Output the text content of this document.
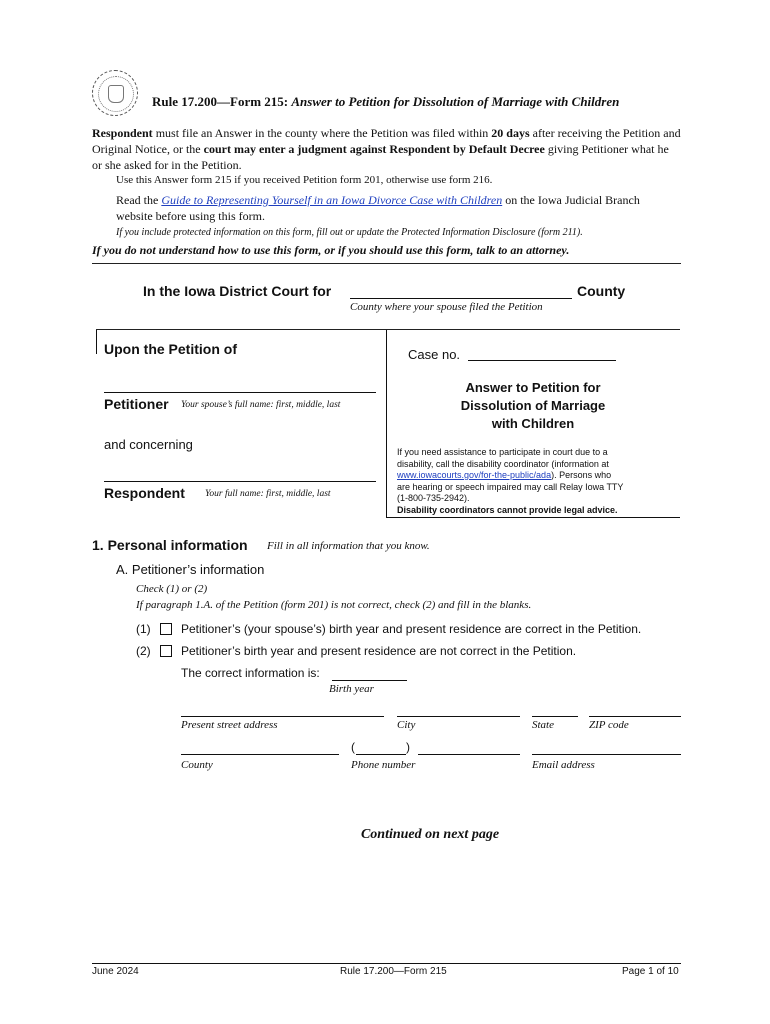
Rule 17.200—Form 215: Answer to Petition for Dissolution of Marriage with Children
Respondent must file an Answer in the county where the Petition was filed within 20 days after receiving the Petition and
Original Notice, or the court may enter a judgment against Respondent by Default Decree giving Petitioner what he
or she asked for in the Petition.
Use this Answer form 215 if you received Petition form 201, otherwise use form 216.
Read the Guide to Representing Yourself in an Iowa Divorce Case with Children on the Iowa Judicial Branch
website before using this form.
If you include protected information on this form, fill out or update the Protected Information Disclosure (form 211).
If you do not understand how to use this form, or if you should use this form, talk to an attorney.
In the Iowa District Court for	County
County where your spouse filed the Petition
Upon the Petition of
Petitioner Your spouse’s full name: first, middle, last
and concerning
Respondent Your full name: first, middle, last
Case no.
Answer to Petition for
Dissolution of Marriage
with Children
If you need assistance to participate in court due to a
disability, call the disability coordinator (information at
www.iowacourts.gov/for-the-public/ada). Persons who
are hearing or speech impaired may call Relay Iowa TTY
(1-800-735-2942).
Disability coordinators cannot provide legal advice.
1. Personal information Fill in all information that you know.
A. Petitioner’s information
Check (1) or (2)
If paragraph 1.A. of the Petition (form 201) is not correct, check (2) and fill in the blanks.
(1)	Petitioner’s (your spouse’s) birth year and present residence are correct in the Petition.
(2)	Petitioner’s birth year and present residence are not correct in the Petition.
The correct information is:
Birth year
Present street address	City	State	ZIP code
(	)
County	Phone number	Email address
Continued on next page
June 2024	Rule 17.200—Form 215	Page 1 of 10
